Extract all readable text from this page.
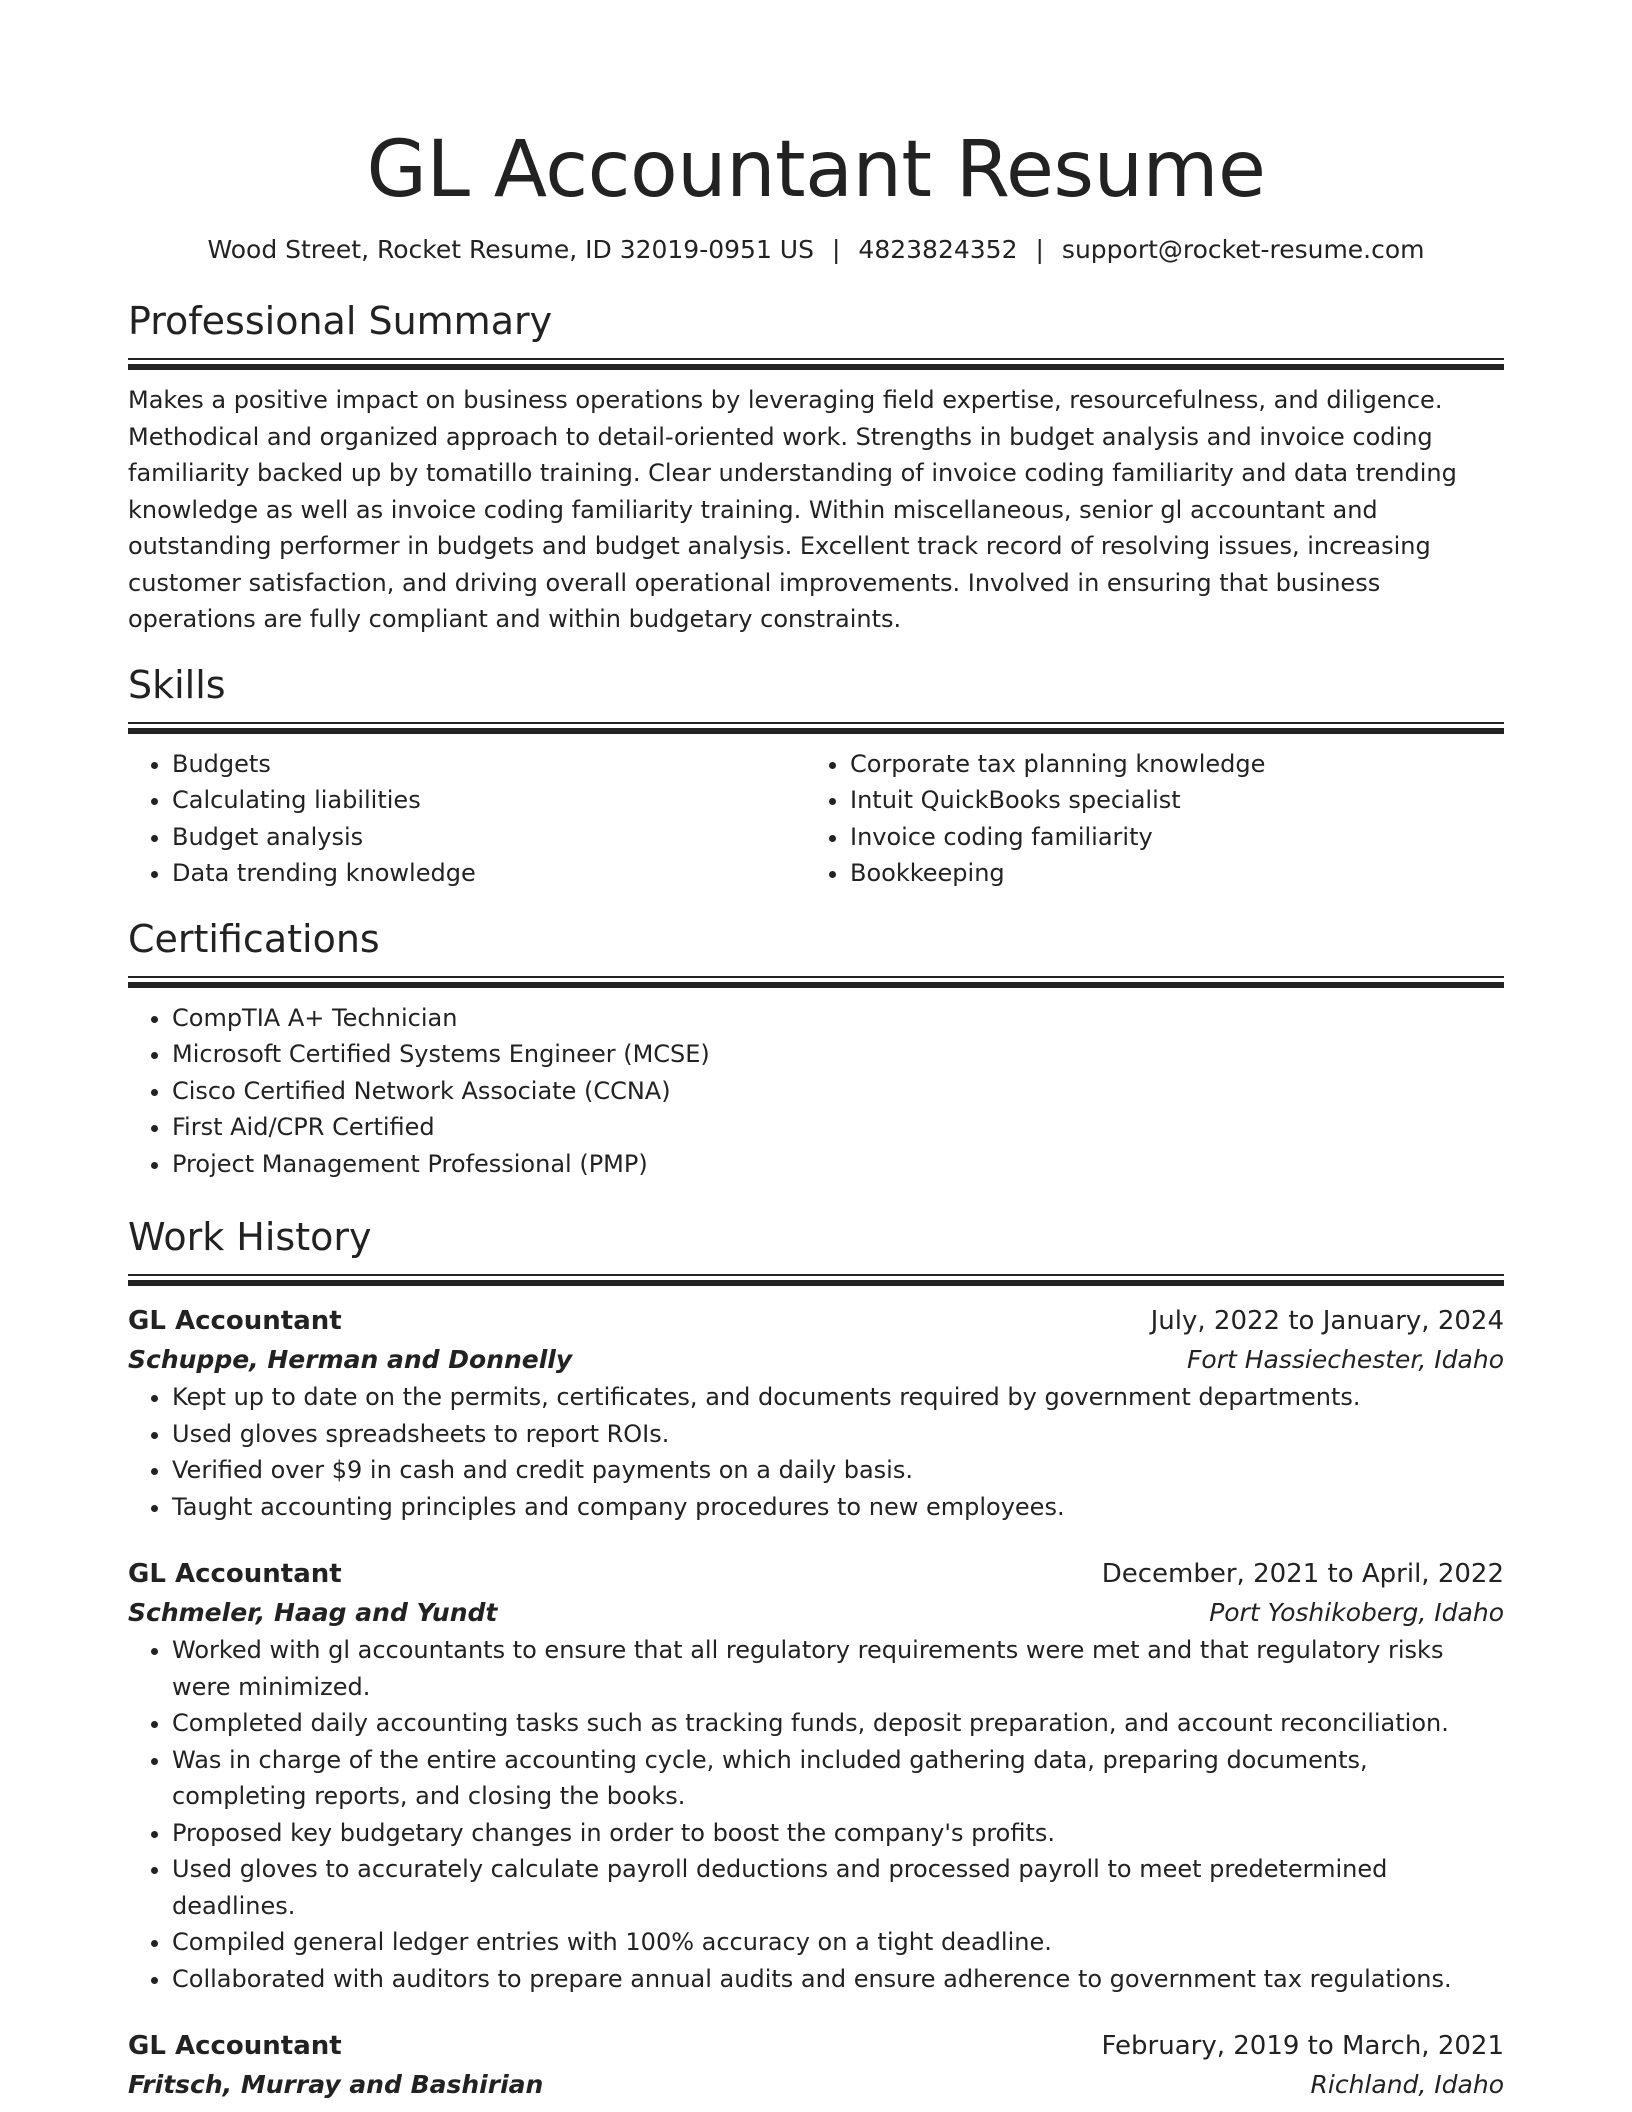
GL Accountant Resume
Wood Street, Rocket Resume, ID 32019-0951 US | 4823824352 | support@rocket-resume.com
Professional Summary
Makes a positive impact on business operations by leveraging field expertise, resourcefulness, and diligence. Methodical and organized approach to detail-oriented work. Strengths in budget analysis and invoice coding familiarity backed up by tomatillo training. Clear understanding of invoice coding familiarity and data trending knowledge as well as invoice coding familiarity training. Within miscellaneous, senior gl accountant and outstanding performer in budgets and budget analysis. Excellent track record of resolving issues, increasing customer satisfaction, and driving overall operational improvements. Involved in ensuring that business operations are fully compliant and within budgetary constraints.
Skills
• Budgets
• Calculating liabilities
• Budget analysis
• Data trending knowledge
• Corporate tax planning knowledge
• Intuit QuickBooks specialist
• Invoice coding familiarity
• Bookkeeping
Certifications
• CompTIA A+ Technician
• Microsoft Certified Systems Engineer (MCSE)
• Cisco Certified Network Associate (CCNA)
• First Aid/CPR Certified
• Project Management Professional (PMP)
Work History
GL Accountant	July, 2022 to January, 2024
Schuppe, Herman and Donnelly	Fort Hassiechester, Idaho
• Kept up to date on the permits, certificates, and documents required by government departments.
• Used gloves spreadsheets to report ROIs.
• Verified over $9 in cash and credit payments on a daily basis.
• Taught accounting principles and company procedures to new employees.
GL Accountant	December, 2021 to April, 2022
Schmeler, Haag and Yundt	Port Yoshikoberg, Idaho
• Worked with gl accountants to ensure that all regulatory requirements were met and that regulatory risks were minimized.
• Completed daily accounting tasks such as tracking funds, deposit preparation, and account reconciliation.
• Was in charge of the entire accounting cycle, which included gathering data, preparing documents, completing reports, and closing the books.
• Proposed key budgetary changes in order to boost the company's profits.
• Used gloves to accurately calculate payroll deductions and processed payroll to meet predetermined deadlines.
• Compiled general ledger entries with 100% accuracy on a tight deadline.
• Collaborated with auditors to prepare annual audits and ensure adherence to government tax regulations.
GL Accountant	February, 2019 to March, 2021
Fritsch, Murray and Bashirian	Richland, Idaho
